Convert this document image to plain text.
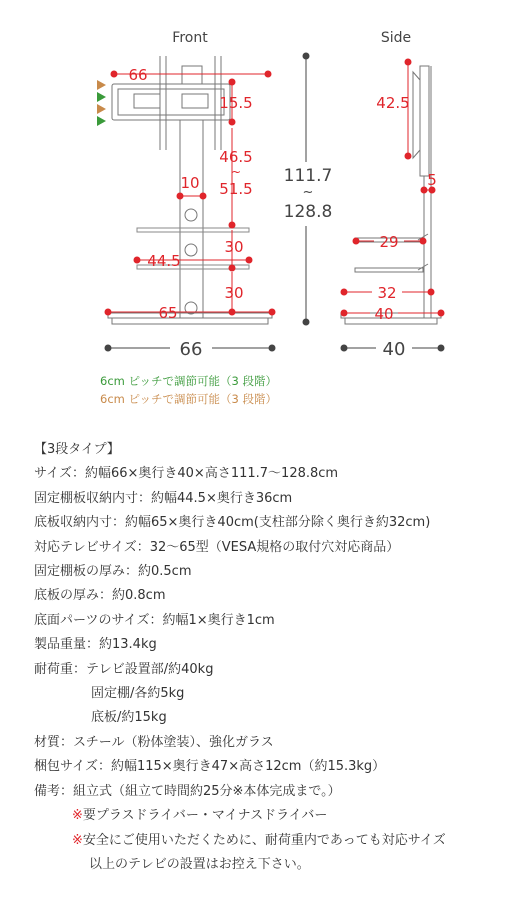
Front	Side
66
15.5
46.5
~
51.5
10
30
44.5
30
65
66
111.7
~
128.8
42.5
5
29
32
40
40
6cm ピッチで調節可能（3 段階）
6cm ピッチで調節可能（3 段階）
【3段タイプ】
サイズ：約幅66×奥行き40×高さ111.7〜128.8cm
固定棚板収納内寸：約幅44.5×奥行き36cm
底板収納内寸：約幅65×奥行き40cm(支柱部分除く奥行き約32cm)
対応テレビサイズ：32〜65型（VESA規格の取付穴対応商品）
固定棚板の厚み：約0.5cm
底板の厚み：約0.8cm
底面パーツのサイズ：約幅1×奥行き1cm
製品重量：約13.4kg
耐荷重：テレビ設置部/約40kg
固定棚/各約5kg
底板/約15kg
材質：スチール（粉体塗装）、強化ガラス
梱包サイズ：約幅115×奥行き47×高さ12cm（約15.3kg）
備考：組立式（組立て時間約25分※本体完成まで。）
※要プラスドライバー・マイナスドライバー
※安全にご使用いただくために、耐荷重内であっても対応サイズ
以上のテレビの設置はお控え下さい。
